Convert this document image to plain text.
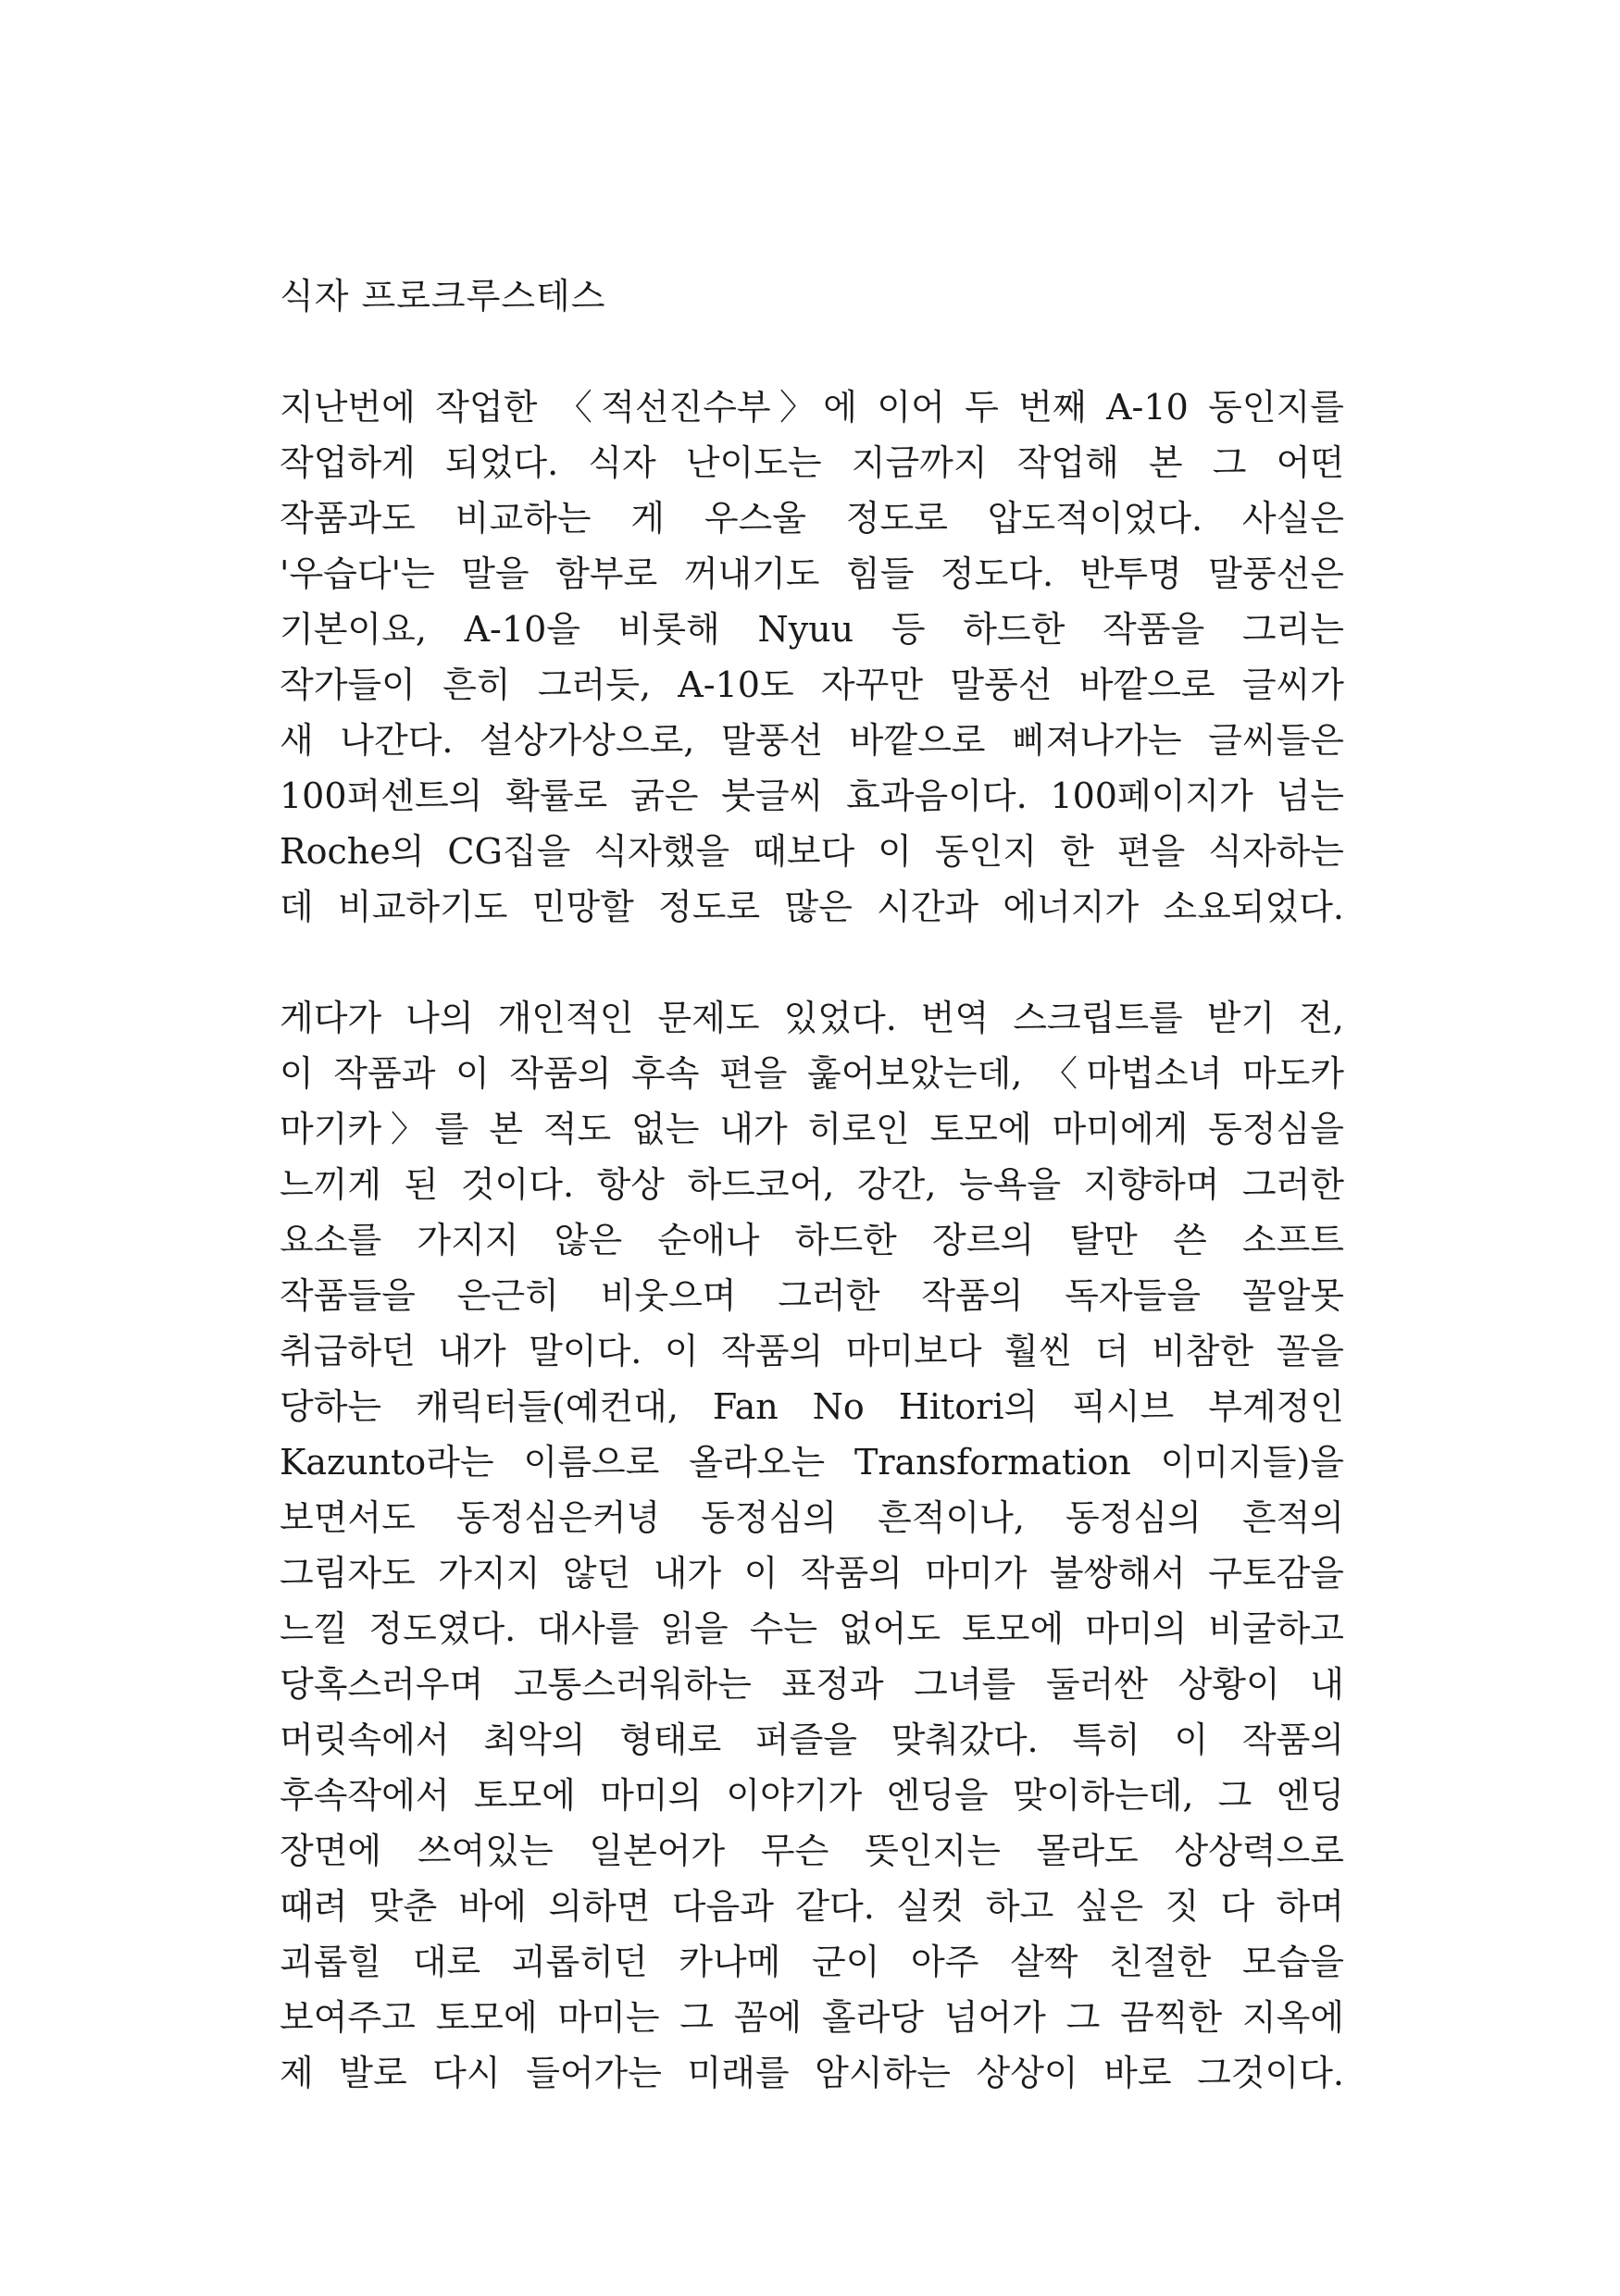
식자 프로크루스테스
지난번에 작업한 〈적선진수부〉에 이어 두 번째 A-10 동인지를
작업하게 되었다. 식자 난이도는 지금까지 작업해 본 그 어떤
작품과도 비교하는 게 우스울 정도로 압도적이었다. 사실은
'우습다'는 말을 함부로 꺼내기도 힘들 정도다. 반투명 말풍선은
기본이요, A-10을 비롯해 Nyuu 등 하드한 작품을 그리는
작가들이 흔히 그러듯, A-10도 자꾸만 말풍선 바깥으로 글씨가
새 나간다. 설상가상으로, 말풍선 바깥으로 삐져나가는 글씨들은
100퍼센트의 확률로 굵은 붓글씨 효과음이다. 100페이지가 넘는
Roche의 CG집을 식자했을 때보다 이 동인지 한 편을 식자하는
데 비교하기도 민망할 정도로 많은 시간과 에너지가 소요되었다.
게다가 나의 개인적인 문제도 있었다. 번역 스크립트를 받기 전,
이 작품과 이 작품의 후속 편을 훑어보았는데, 〈마법소녀 마도카
마기카〉를 본 적도 없는 내가 히로인 토모에 마미에게 동정심을
느끼게 된 것이다. 항상 하드코어, 강간, 능욕을 지향하며 그러한
요소를 가지지 않은 순애나 하드한 장르의 탈만 쓴 소프트
작품들을 은근히 비웃으며 그러한 작품의 독자들을 꼴알못
취급하던 내가 말이다. 이 작품의 마미보다 훨씬 더 비참한 꼴을
당하는 캐릭터들(예컨대, Fan No Hitori의 픽시브 부계정인
Kazunto라는 이름으로 올라오는 Transformation 이미지들)을
보면서도 동정심은커녕 동정심의 흔적이나, 동정심의 흔적의
그림자도 가지지 않던 내가 이 작품의 마미가 불쌍해서 구토감을
느낄 정도였다. 대사를 읽을 수는 없어도 토모에 마미의 비굴하고
당혹스러우며 고통스러워하는 표정과 그녀를 둘러싼 상황이 내
머릿속에서 최악의 형태로 퍼즐을 맞춰갔다. 특히 이 작품의
후속작에서 토모에 마미의 이야기가 엔딩을 맞이하는데, 그 엔딩
장면에 쓰여있는 일본어가 무슨 뜻인지는 몰라도 상상력으로
때려 맞춘 바에 의하면 다음과 같다. 실컷 하고 싶은 짓 다 하며
괴롭힐 대로 괴롭히던 카나메 군이 아주 살짝 친절한 모습을
보여주고 토모에 마미는 그 꼼에 홀라당 넘어가 그 끔찍한 지옥에
제 발로 다시 들어가는 미래를 암시하는 상상이 바로 그것이다.
